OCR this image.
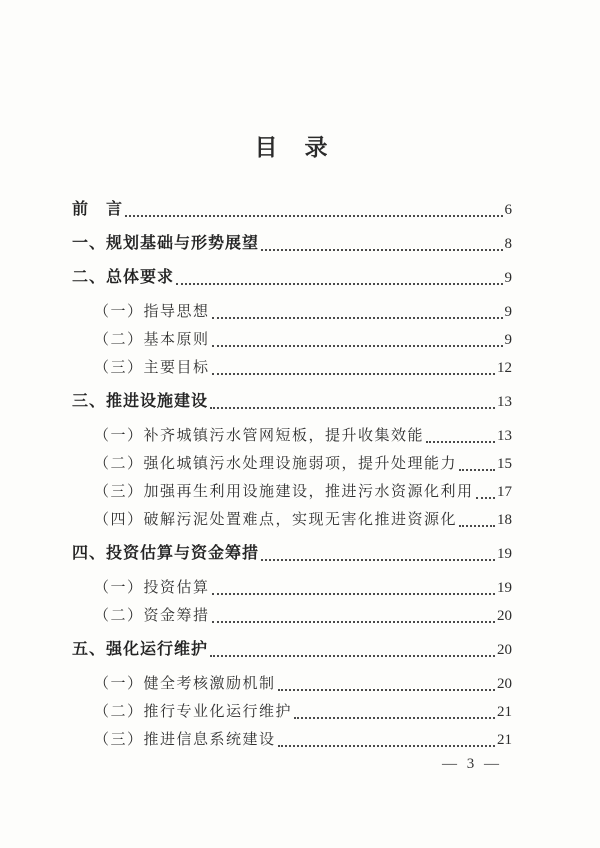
目　录
前　言	6
一、规划基础与形势展望	8
二、总体要求	9
（一）指导思想	9
（二）基本原则	9
（三）主要目标	12
三、推进设施建设	13
（一）补齐城镇污水管网短板，提升收集效能	13
（二）强化城镇污水处理设施弱项，提升处理能力	15
（三）加强再生利用设施建设，推进污水资源化利用 17
（四）破解污泥处置难点，实现无害化推进资源化	18
四、投资估算与资金筹措	19
（一）投资估算	19
（二）资金筹措	20
五、强化运行维护	20
（一）健全考核激励机制	20
（二）推行专业化运行维护	21
（三）推进信息系统建设	21
— 3 —
